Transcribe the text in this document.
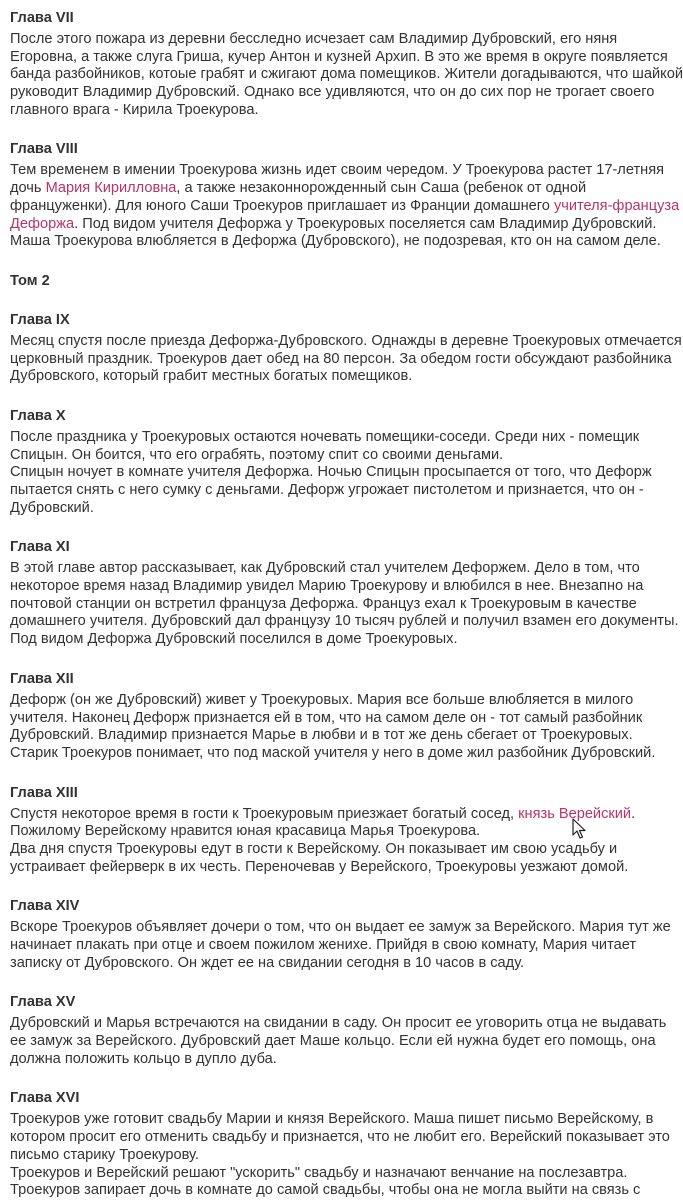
Глава VII
После этого пожара из деревни бесследно исчезает сам Владимир Дубровский, его няня
Егоровна, а также слуга Гриша, кучер Антон и кузней Архип. В это же время в округе появляется
банда разбойников, котоые грабят и сжигают дома помещиков. Жители догадываются, что шайкой
руководит Владимир Дубровский. Однако все удивляются, что он до сих пор не трогает своего
главного врага - Кирила Троекурова.
Глава VIII
Тем временем в имении Троекурова жизнь идет своим чередом. У Троекурова растет 17-летняя
дочь Мария Кирилловна, а также незаконнорожденный сын Саша (ребенок от одной
француженки). Для юного Саши Троекуров приглашает из Франции домашнего учителя-француза
Дефоржа. Под видом учителя Дефоржа у Троекуровых поселяется сам Владимир Дубровский.
Маша Троекурова влюбляется в Дефоржа (Дубровского), не подозревая, кто он на самом деле.
Том 2
Глава IX
Месяц спустя после приезда Дефоржа-Дубровского. Однажды в деревне Троекуровых отмечается
церковный праздник. Троекуров дает обед на 80 персон. За обедом гости обсуждают разбойника
Дубровского, который грабит местных богатых помещиков.
Глава X
После праздника у Троекуровых остаются ночевать помещики-соседи. Среди них - помещик
Спицын. Он боится, что его ограбять, поэтому спит со своими деньгами.
Спицын ночует в комнате учителя Дефоржа. Ночью Спицын просыпается от того, что Дефорж
пытается снять с него сумку с деньгами. Дефорж угрожает пистолетом и признается, что он -
Дубровский.
Глава XI
В этой главе автор рассказывает, как Дубровский стал учителем Дефоржем. Дело в том, что
некоторое время назад Владимир увидел Марию Троекурову и влюбился в нее. Внезапно на
почтовой станции он встретил француза Дефоржа. Француз ехал к Троекуровым в качестве
домашнего учителя. Дубровский дал французу 10 тысяч рублей и получил взамен его документы.
Под видом Дефоржа Дубровский поселился в доме Троекуровых.
Глава XII
Дефорж (он же Дубровский) живет у Троекуровых. Мария все больше влюбляется в милого
учителя. Наконец Дефорж признается ей в том, что на самом деле он - тот самый разбойник
Дубровский. Владимир признается Марье в любви и в тот же день сбегает от Троекуровых.
Старик Троекуров понимает, что под маской учителя у него в доме жил разбойник Дубровский.
Глава XIII
Спустя некоторое время в гости к Троекуровым приезжает богатый сосед, князь Верейский.
Пожилому Верейскому нравится юная красавица Марья Троекурова.
Два дня спустя Троекуровы едут в гости к Верейскому. Он показывает им свою усадьбу и
устраивает фейерверк в их честь. Переночевав у Верейского, Троекуровы уезжают домой.
Глава XIV
Вскоре Троекуров объявляет дочери о том, что он выдает ее замуж за Верейского. Мария тут же
начинает плакать при отце и своем пожилом женихе. Прийдя в свою комнату, Мария читает
записку от Дубровского. Он ждет ее на свидании сегодня в 10 часов в саду.
Глава XV
Дубровский и Марья встречаются на свидании в саду. Он просит ее уговорить отца не выдавать
ее замуж за Верейского. Дубровский дает Маше кольцо. Если ей нужна будет его помощь, она
должна положить кольцо в дупло дуба.
Глава XVI
Троекуров уже готовит свадьбу Марии и князя Верейского. Маша пишет письмо Верейскому, в
котором просит его отменить свадьбу и признается, что не любит его. Верейский показывает это
письмо старику Троекурову.
Троекуров и Верейский решают "ускорить" свадьбу и назначают венчание на послезавтра.
Троекуров запирает дочь в комнате до самой свадьбы, чтобы она не могла выйти на связь с
